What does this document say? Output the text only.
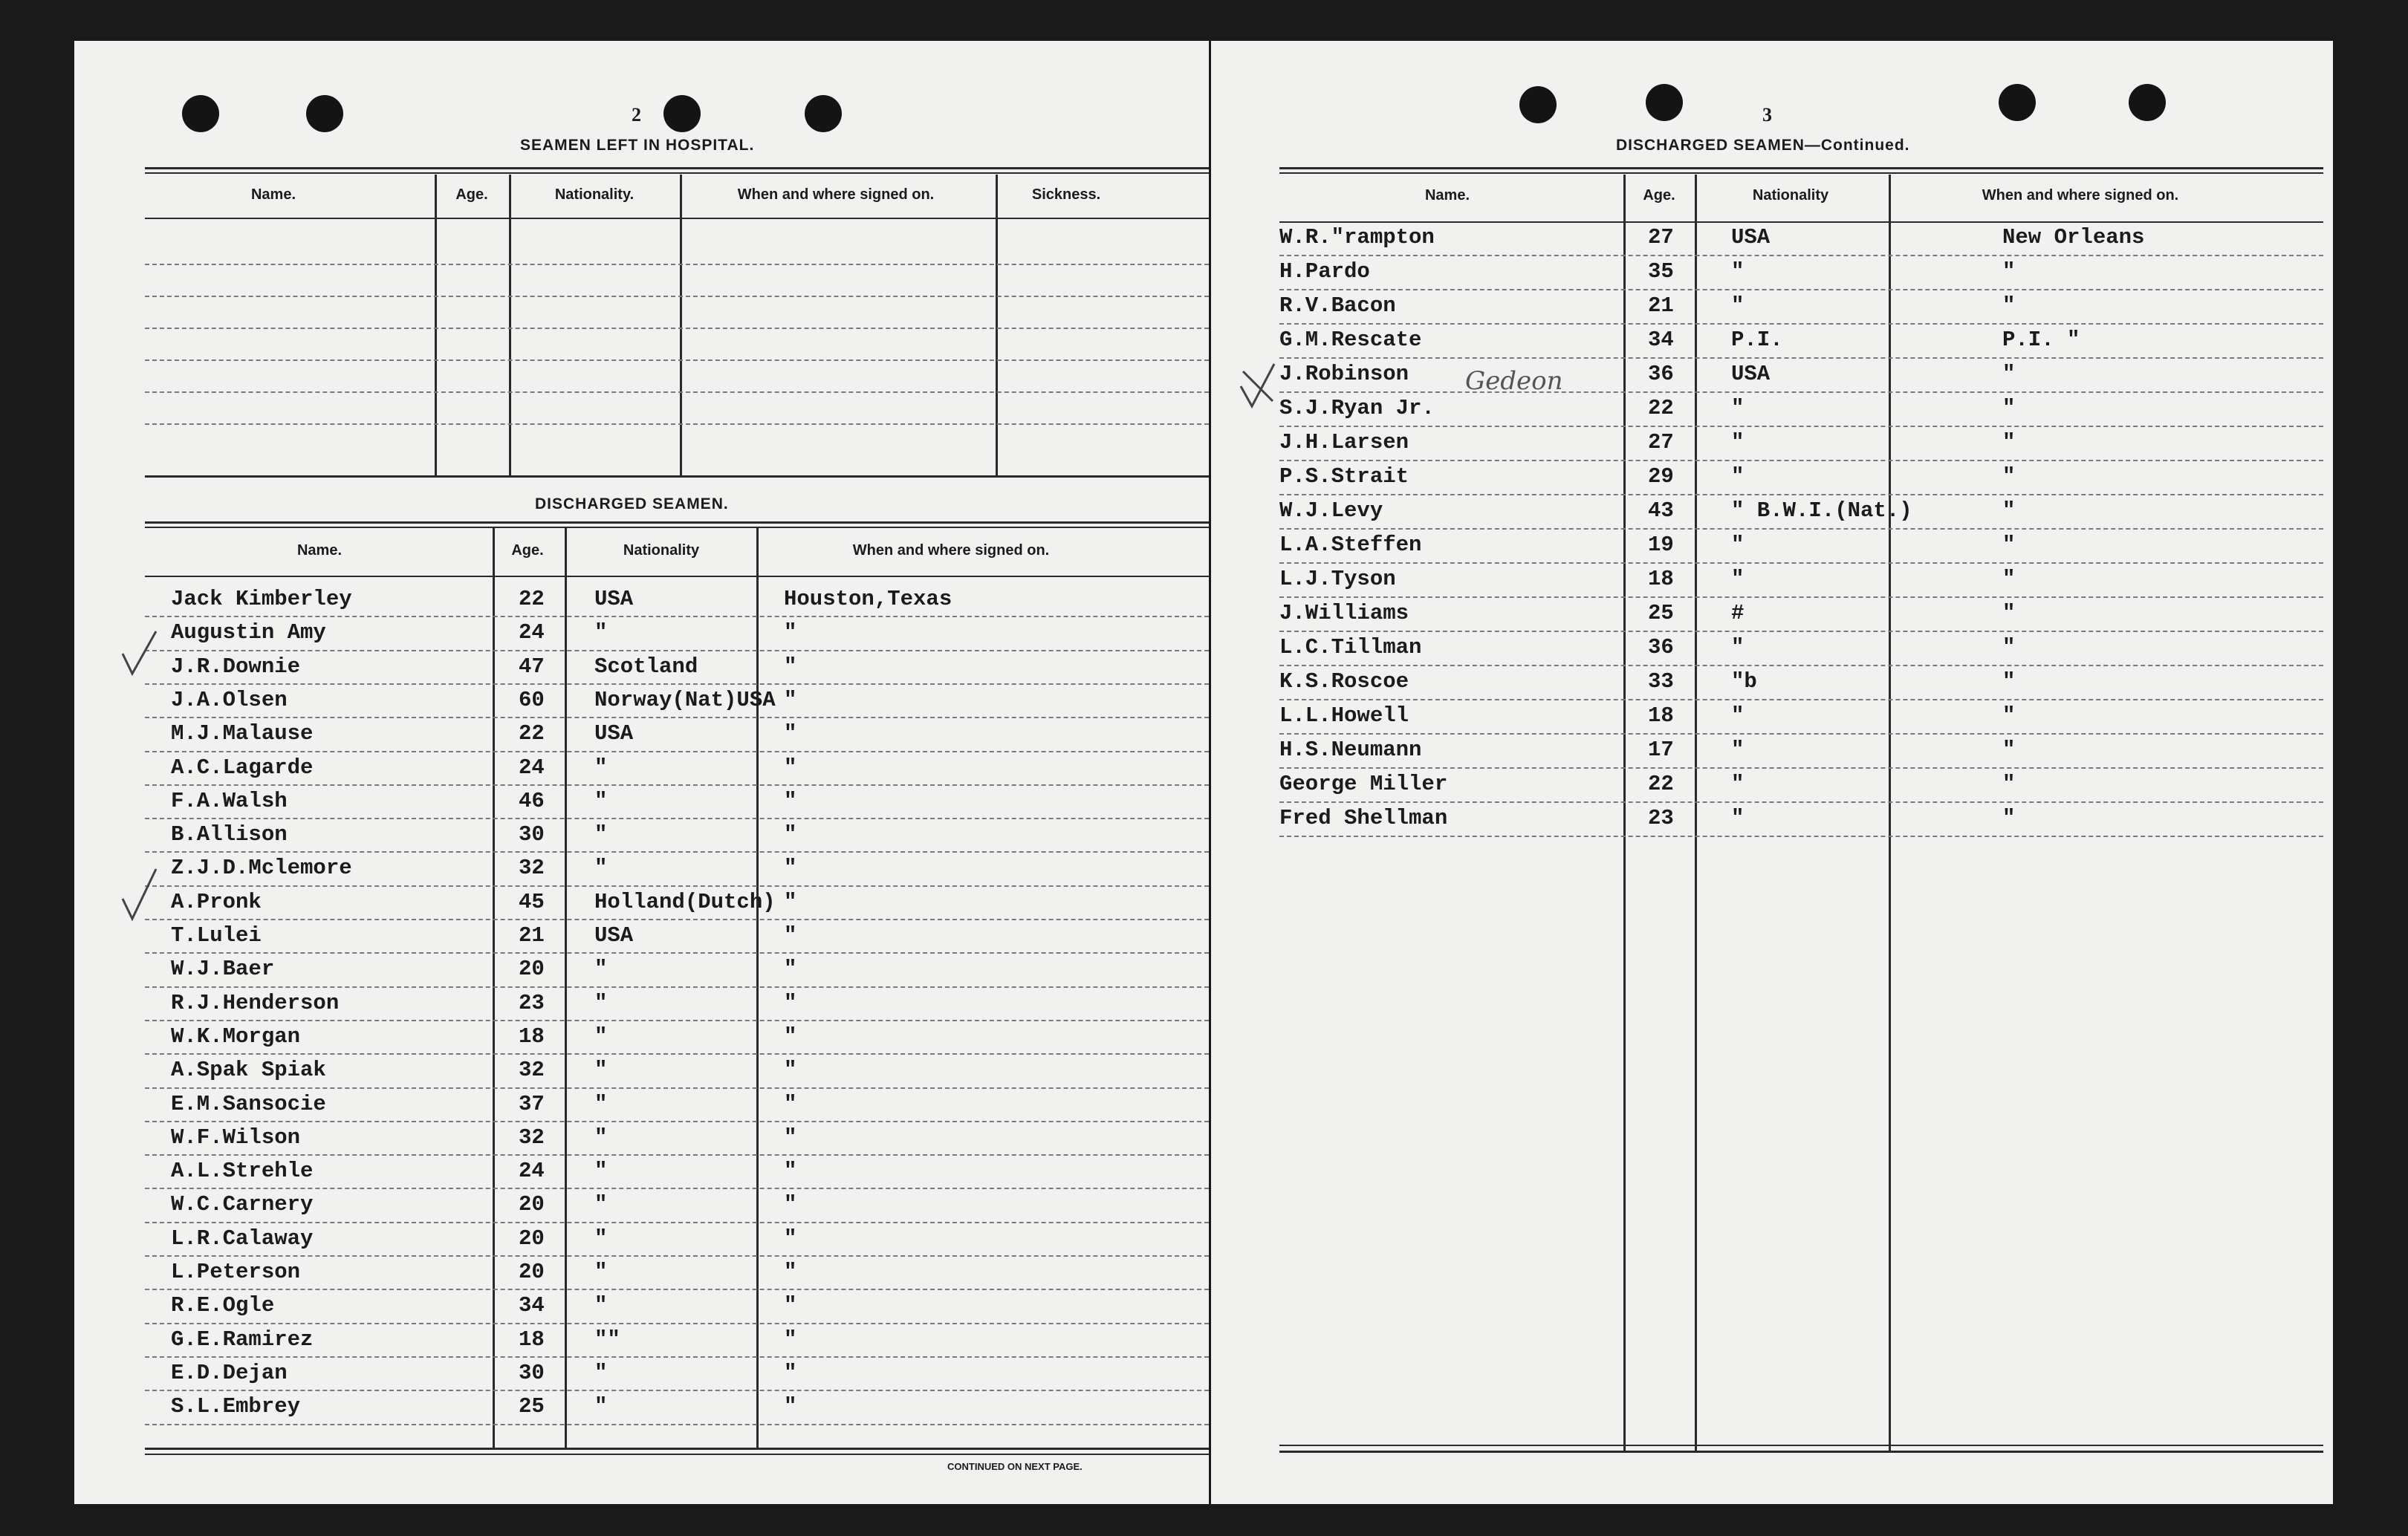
2
SEAMEN LEFT IN HOSPITAL.
Name.	Age.	Nationality.	When and where signed on.	Sickness.
DISCHARGED SEAMEN.
Name.	Age.	Nationality	When and where signed on.
Jack Kimberley	22 USA	Houston,Texas
Augustin Amy	24 "	"
J.R.Downie	47 Scotland	"
J.A.Olsen	60 Norway(Nat)USA "
M.J.Malause	22 USA	"
A.C.Lagarde	24 "	"
F.A.Walsh	46 "	"
B.Allison	30 "	"
Z.J.D.Mclemore	32 "	"
A.Pronk	45 Holland(Dutch) "
T.Lulei	21 USA	"
W.J.Baer	20 "	"
R.J.Henderson	23 "	"
W.K.Morgan	18 "	"
A.Spak Spiak	32 "	"
E.M.Sansocie	37 "	"
W.F.Wilson	32 "	"
A.L.Strehle	24 "	"
W.C.Carnery	20 "	"
L.R.Calaway	20 "	"
L.Peterson	20 "	"
R.E.Ogle	34 "	"
G.E.Ramirez	18 ""	"
E.D.Dejan	30 "	"
S.L.Embrey	25 "	"
CONTINUED ON NEXT PAGE.
3
DISCHARGED SEAMEN—Continued.
Name.	Age.	Nationality	When and where signed on.
W.R."rampton	27	USA	New Orleans
H.Pardo	35	"	"
R.V.Bacon	21	"	"
G.M.Rescate	34	P.I.	P.I. "
J.Robinson	36	USA	"
S.J.Ryan Jr.	22	"	"
J.H.Larsen	27	"	"
P.S.Strait	29	"	"
W.J.Levy	43	" B.W.I.(Nat.)	"
L.A.Steffen	19	"	"
L.J.Tyson	18	"	"
J.Williams	25	#	"
L.C.Tillman	36	"	"
K.S.Roscoe	33	"b	"
L.L.Howell	18	"	"
H.S.Neumann	17	"	"
George Miller	22	"	"
Fred Shellman	23	"	"
Gedeon
